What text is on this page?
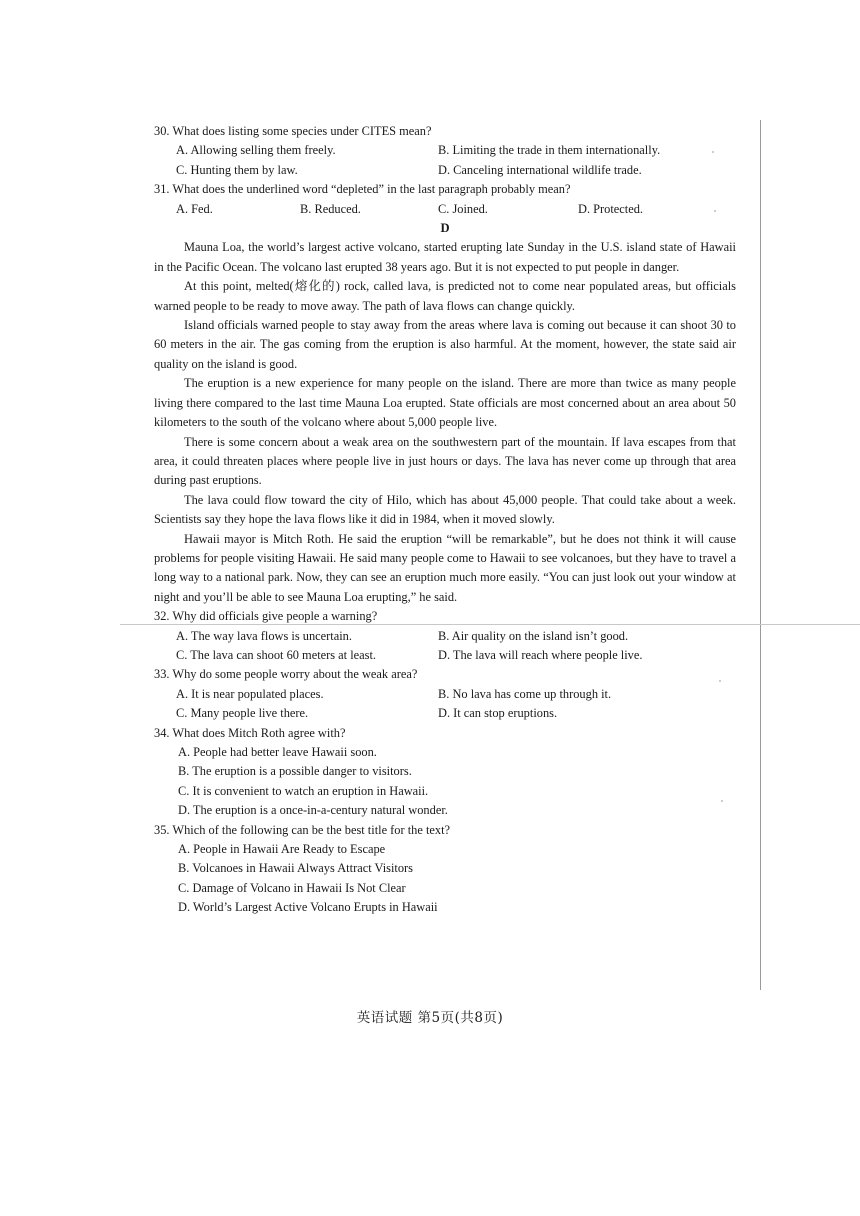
30. What does listing some species under CITES mean?

A. Allowing selling them freely.	B. Limiting the trade in them internationally.
C. Hunting them by law.	D. Canceling international wildlife trade.

31. What does the underlined word “depleted” in the last paragraph probably mean?

A. Fed.	B. Reduced.	C. Joined.	D. Protected.

D

Mauna Loa, the world’s largest active volcano, started erupting late Sunday in the U.S. island state of Hawaii in the Pacific Ocean. The volcano last erupted 38 years ago. But it is not expected to put people in danger.

At this point, melted(熔化的) rock, called lava, is predicted not to come near populated areas, but officials warned people to be ready to move away. The path of lava flows can change quickly.

Island officials warned people to stay away from the areas where lava is coming out because it can shoot 30 to 60 meters in the air. The gas coming from the eruption is also harmful. At the moment, however, the state said air quality on the island is good.

The eruption is a new experience for many people on the island. There are more than twice as many people living there compared to the last time Mauna Loa erupted. State officials are most concerned about an area about 50 kilometers to the south of the volcano where about 5,000 people live.

There is some concern about a weak area on the southwestern part of the mountain. If lava escapes from that area, it could threaten places where people live in just hours or days. The lava has never come up through that area during past eruptions.

The lava could flow toward the city of Hilo, which has about 45,000 people. That could take about a week. Scientists say they hope the lava flows like it did in 1984, when it moved slowly.

Hawaii mayor is Mitch Roth. He said the eruption “will be remarkable”, but he does not think it will cause problems for people visiting Hawaii. He said many people come to Hawaii to see volcanoes, but they have to travel a long way to a national park. Now, they can see an eruption much more easily. “You can just look out your window at night and you’ll be able to see Mauna Loa erupting,” he said.

32. Why did officials give people a warning?

A. The way lava flows is uncertain.	B. Air quality on the island isn’t good.
C. The lava can shoot 60 meters at least.	D. The lava will reach where people live.

33. Why do some people worry about the weak area?

A. It is near populated places.	B. No lava has come up through it.
C. Many people live there.	D. It can stop eruptions.

34. What does Mitch Roth agree with?

A. People had better leave Hawaii soon.
B. The eruption is a possible danger to visitors.
C. It is convenient to watch an eruption in Hawaii.
D. The eruption is a once-in-a-century natural wonder.

35. Which of the following can be the best title for the text?

A. People in Hawaii Are Ready to Escape
B. Volcanoes in Hawaii Always Attract Visitors
C. Damage of Volcano in Hawaii Is Not Clear
D. World’s Largest Active Volcano Erupts in Hawaii
英语试题 第5页(共8页)
